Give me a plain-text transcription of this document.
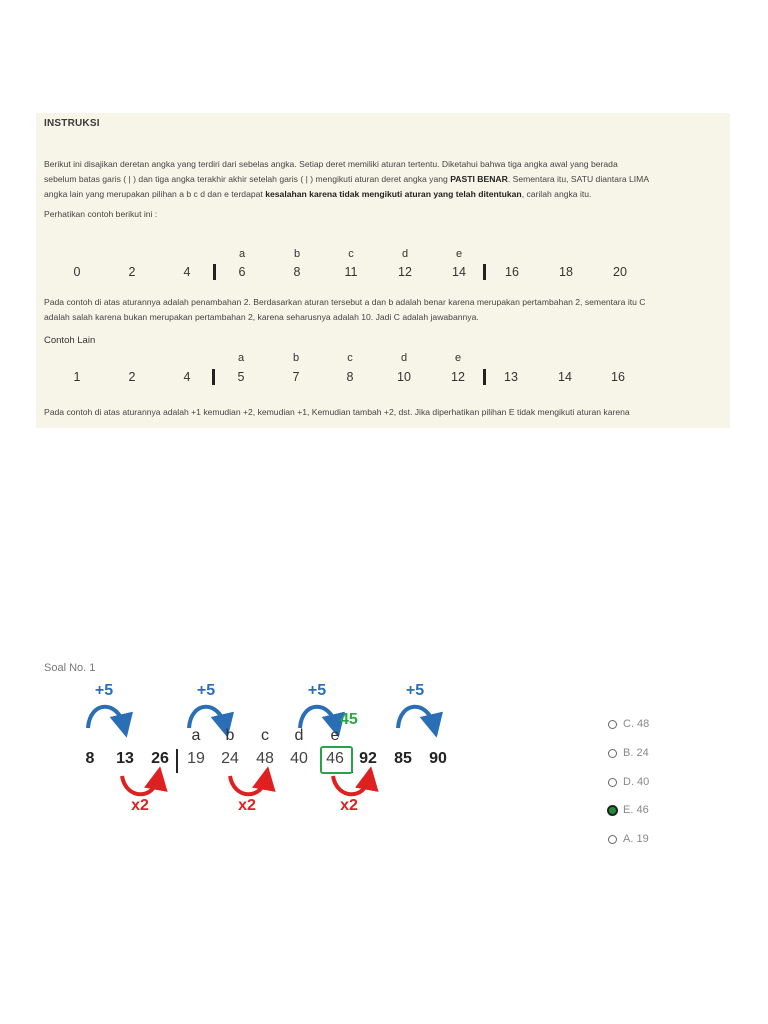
INSTRUKSI
Berikut ini disajikan deretan angka yang terdiri dari sebelas angka. Setiap deret memiliki aturan tertentu. Diketahui bahwa tiga angka awal yang berada
sebelum batas garis ( | ) dan tiga angka terakhir akhir setelah garis ( | ) mengikuti aturan deret angka yang PASTI BENAR. Sementara itu, SATU diantara LIMA
angka lain yang merupakan pilihan a b c d dan e terdapat kesalahan karena tidak mengikuti aturan yang telah ditentukan, carilah angka itu.
Perhatikan contoh berikut ini :
0	2	4	6	8	11	12	14	16	18	20
a	b	c	d	e
Pada contoh di atas aturannya adalah penambahan 2. Berdasarkan aturan tersebut a dan b adalah benar karena merupakan pertambahan 2, sementara itu C
adalah salah karena bukan merupakan pertambahan 2, karena seharusnya adalah 10. Jadi C adalah jawabannya.
Contoh Lain
1	2	4	5	7	8	10	12	13	14	16
a	b	c	d	e
Pada contoh di atas aturannya adalah +1 kemudian +2, kemudian +1, Kemudian tambah +2, dst. Jika diperhatikan pilihan E tidak mengikuti aturan karena
Soal No. 1
+5	+5	+5	+5
45
a b c d e
8 13 26 19 24 48 40 46 92 85 90
x2	x2	x2
C. 48
B. 24
D. 40
E. 46
A. 19
